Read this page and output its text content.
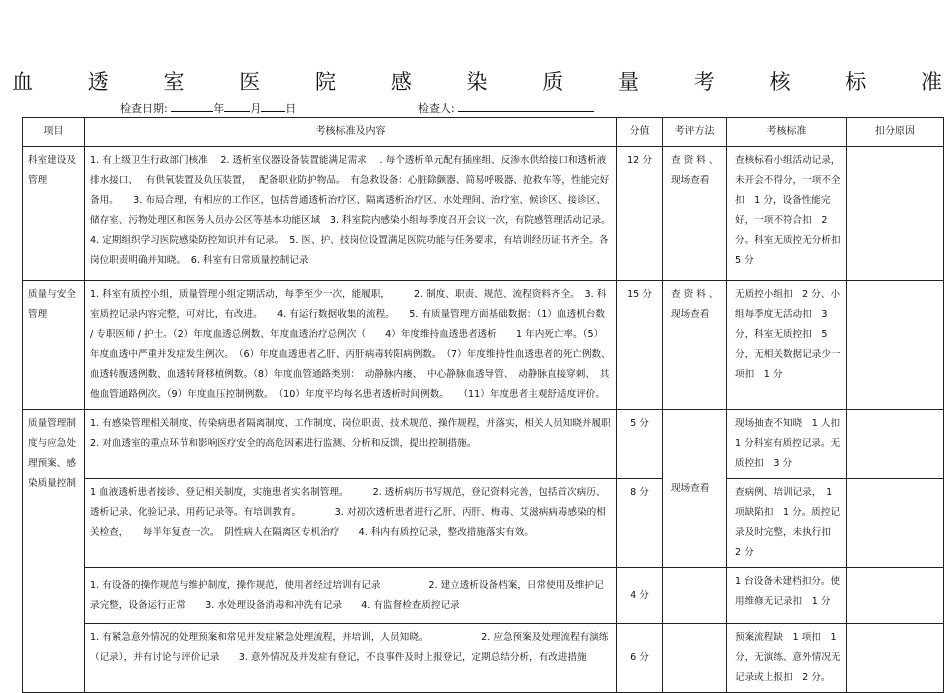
血	透	室	医	院	感	染	质	量	考	核	标	准
检查日期:	年 月 日	检查人:
项目	考核标准及内容	分值	考评方法	考核标准	扣分原因
科室建设及管理	1. 有上级卫生行政部门核准　 2. 透析室仪器设备装置能满足需求　 . 每个透析单元配有插座组、反渗水供给接口和透析液排水接口、　 有供氧装置及负压装置，　 配备职业防护物品。　有急救设备：心脏除颤器、简易呼吸器、抢救车等，性能完好备用。　　3. 布局合理，有相应的工作区，包括普通透析治疗区、隔离透析治疗区、水处理间、治疗室、候诊区、接诊区、储存室、污物处理区和医务人员办公区等基本功能区域　3. 科室院内感染小组每季度召开会议一次，有院感管理活动记录。　　　　　4. 定期组织学习医院感染防控知识并有记录。　5. 医、护、技岗位设置满足医院功能与任务要求，有培训经历证书齐全。各岗位职责明确并知晓。　6. 科室有日常质量控制记录	12 分	查 资 料 、现场查看	查核标看小组活动记录，未开会不得分，一项不全扣　1 分，设备性能完好，一项不符合扣　2 分。科室无质控无分析扣　5 分	
质量与安全管理	1. 科室有质控小组，质量管理小组定期活动，每季至少一次，能履职，　　　2. 制度、职责、规范、流程资料齐全。　3. 科室质控记录内容完整，可对比，有改进。　　4. 有运行数据收集的流程。　　5. 有质量管理方面基础数据：（1）血透机台数 / 专职医师 / 护士。（2）年度血透总例数、年度血透治疗总例次（　　4）年度维持血透患者透析　　1 年内死亡率。（5）年度血透中严重并发症发生例次。　（6）年度血透患者乙肝、丙肝病毒转阳病例数。　（7）年度维持性血透患者的死亡例数、血透转腹透例数、血透转肾移植例数。（8）年度血管通路类别：　动静脉内瘘、　中心静脉血透导管、　动静脉直接穿刺、　其他血管通路例次。（9）年度血压控制例数。　（10）年度平均每名患者透析时间例数。　　（11）年度患者主观舒适度评价。	15 分	查 资 料 、现场查看	无质控小组扣　2 分、小组每季度无活动扣　3 分，科室无质控扣　5 分，无相关数据记录少一项扣　1 分	
质量管理制度与应急处理预案、感染质量控制	1. 有感染管理相关制度、传染病患者隔离制度、工作制度、岗位职责、技术规范、操作规程，并落实，相关人员知晓并履职　　2. 对血透室的重点环节和影响医疗安全的高危因素进行监测、分析和反馈，提出控制措施。	5 分	现场查看	现场抽查不知晓　1 人扣　1 分科室有质控记录。无质控扣　3 分	
	1 血液透析患者接诊、登记相关制度，实施患者实名制管理。　　　2. 透析病历书写规范，登记资料完善，包括首次病历、透析记录、化验记录、用药记录等。有培训教育。　　　　3. 对初次透析患者进行乙肝、丙肝、梅毒、艾滋病病毒感染的相关检查，　　每半年复查一次。　阴性病人在隔离区专机治疗　　4. 科内有质控记录，整改措施落实有效。	8 分		查病例、培训记录，　1 项缺陷扣　1 分。质控记录及时完整，未执行扣　2 分	
	1. 有设备的操作规范与维护制度，操作规范，使用者经过培训有记录　　　　　2. 建立透析设备档案，日常使用及维护记录完整，设备运行正常　　3. 水处理设备消毒和冲洗有记录　　4. 有监督检查质控记录	4 分		1 台设备未建档扣分。使用维修无记录扣　1 分	
	1. 有紧急意外情况的处理预案和常见并发症紧急处理流程，并培训，人员知晓。　　　　　　2. 应急预案及处理流程有演练（记录），并有讨论与评价记录　　3. 意外情况及并发症有登记，不良事件及时上报登记，定期总结分析，有改进措施	6 分		预案流程缺　1 项扣　1 分，无演练、意外情况无记录或上报扣　2 分。	
